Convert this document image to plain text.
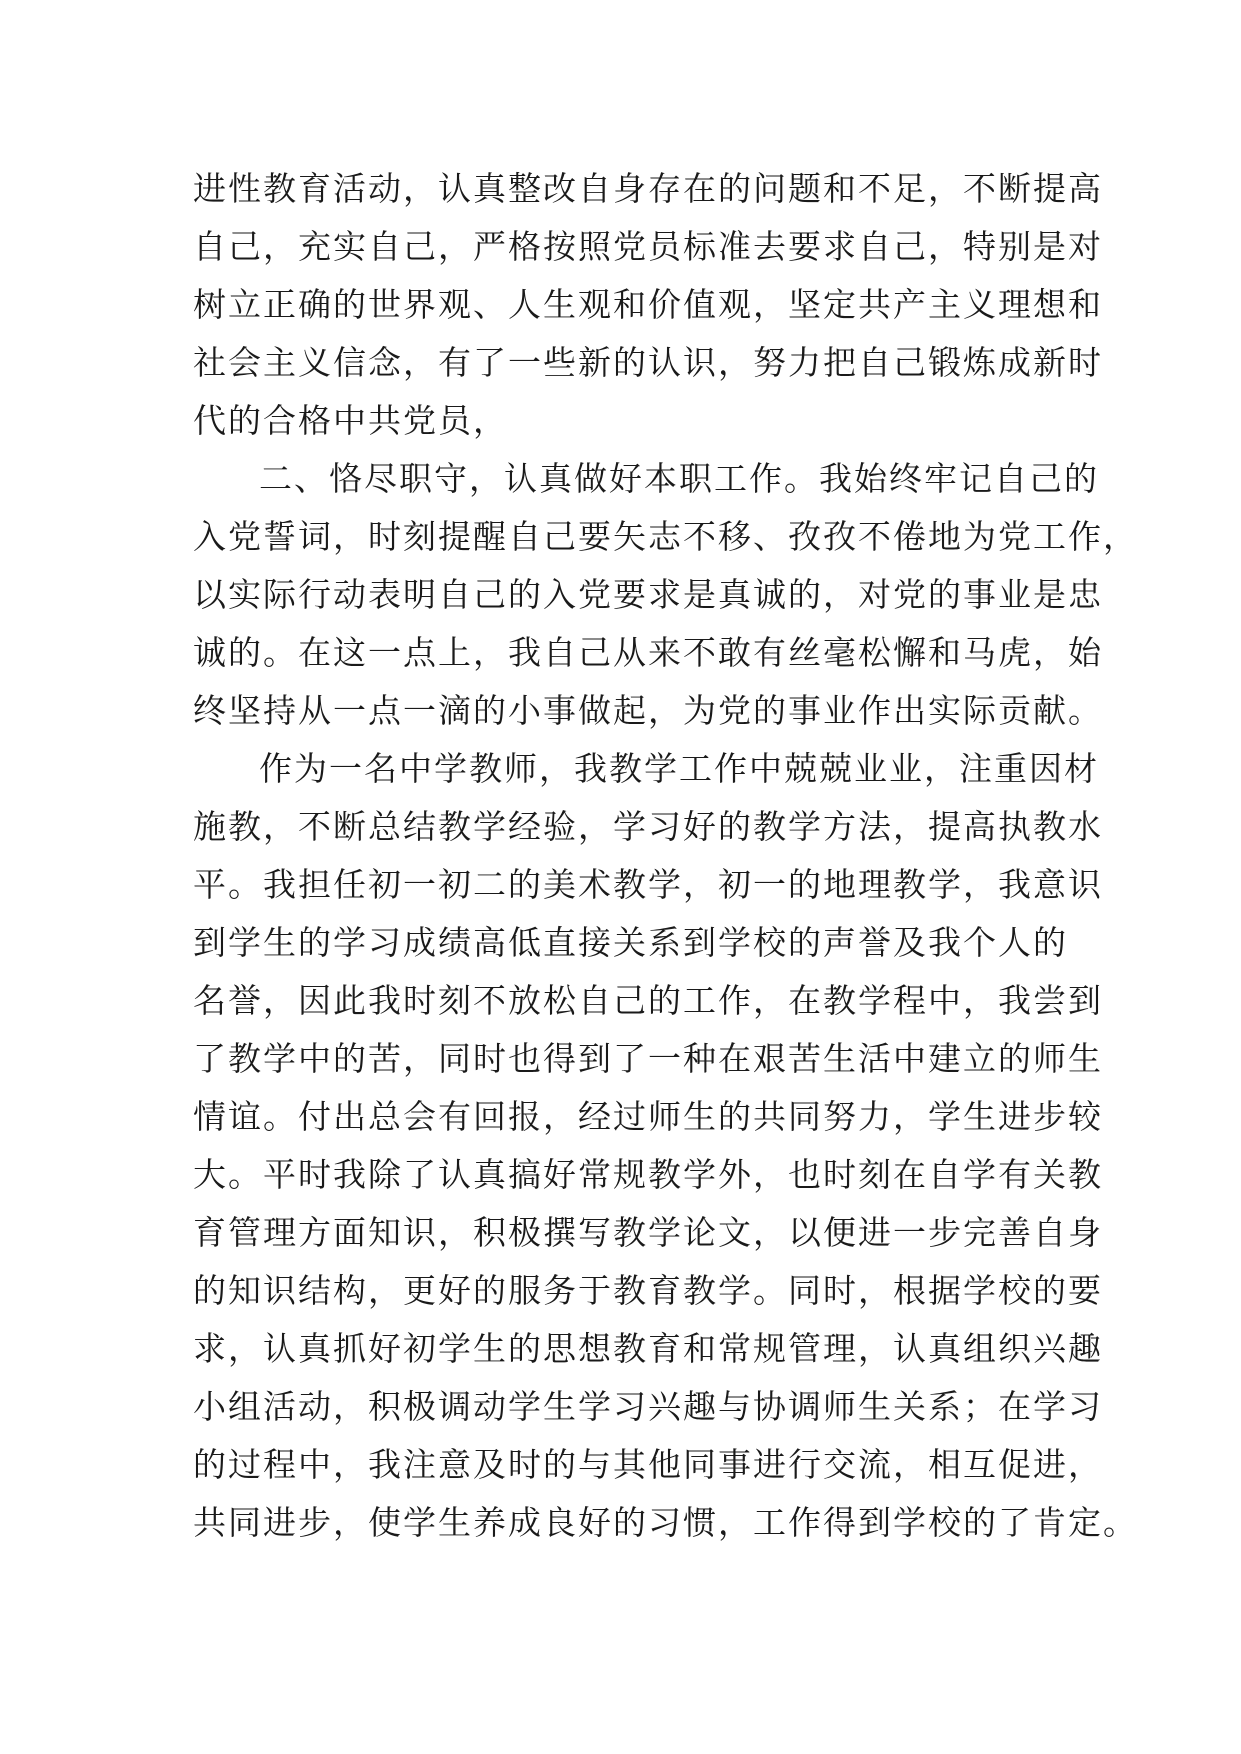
进性教育活动，认真整改自身存在的问题和不足，不断提高
自己，充实自己，严格按照党员标准去要求自己，特别是对
树立正确的世界观、人生观和价值观，坚定共产主义理想和
社会主义信念，有了一些新的认识，努力把自己锻炼成新时
代的合格中共党员，
二、恪尽职守，认真做好本职工作。我始终牢记自己的
入党誓词，时刻提醒自己要矢志不移、孜孜不倦地为党工作，
以实际行动表明自己的入党要求是真诚的，对党的事业是忠
诚的。在这一点上，我自己从来不敢有丝毫松懈和马虎，始
终坚持从一点一滴的小事做起，为党的事业作出实际贡献。
作为一名中学教师，我教学工作中兢兢业业，注重因材
施教，不断总结教学经验，学习好的教学方法，提高执教水
平。我担任初一初二的美术教学，初一的地理教学，我意识
到学生的学习成绩高低直接关系到学校的声誉及我个人的
名誉，因此我时刻不放松自己的工作，在教学程中，我尝到
了教学中的苦，同时也得到了一种在艰苦生活中建立的师生
情谊。付出总会有回报，经过师生的共同努力，学生进步较
大。平时我除了认真搞好常规教学外，也时刻在自学有关教
育管理方面知识，积极撰写教学论文，以便进一步完善自身
的知识结构，更好的服务于教育教学。同时，根据学校的要
求，认真抓好初学生的思想教育和常规管理，认真组织兴趣
小组活动，积极调动学生学习兴趣与协调师生关系；在学习
的过程中，我注意及时的与其他同事进行交流，相互促进，
共同进步，使学生养成良好的习惯，工作得到学校的了肯定。
